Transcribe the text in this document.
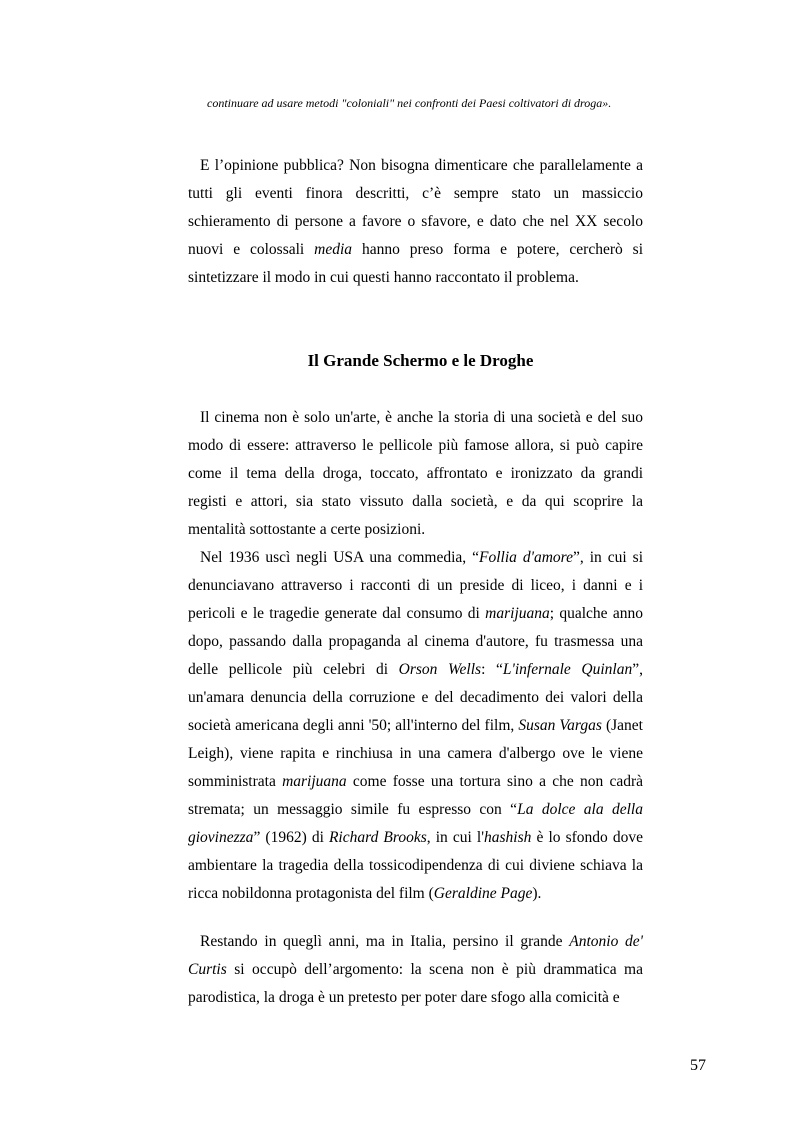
continuare ad usare metodi "coloniali" nei confronti dei Paesi coltivatori di droga».

E l’opinione pubblica? Non bisogna dimenticare che parallelamente a tutti gli eventi finora descritti, c’è sempre stato un massiccio schieramento di persone a favore o sfavore, e dato che nel XX secolo nuovi e colossali media hanno preso forma e potere, cercherò si sintetizzare il modo in cui questi hanno raccontato il problema.

Il Grande Schermo e le Droghe

Il cinema non è solo un'arte, è anche la storia di una società e del suo modo di essere: attraverso le pellicole più famose allora, si può capire come il tema della droga, toccato, affrontato e ironizzato da grandi registi e attori, sia stato vissuto dalla società, e da qui scoprire la mentalità sottostante a certe posizioni.

Nel 1936 uscì negli USA una commedia, “Follia d'amore”, in cui si denunciavano attraverso i racconti di un preside di liceo, i danni e i pericoli e le tragedie generate dal consumo di marijuana; qualche anno dopo, passando dalla propaganda al cinema d'autore, fu trasmessa una delle pellicole più celebri di Orson Wells: “L'infernale Quinlan”, un'amara denuncia della corruzione e del decadimento dei valori della società americana degli anni '50; all'interno del film, Susan Vargas (Janet Leigh), viene rapita e rinchiusa in una camera d'albergo ove le viene somministrata marijuana come fosse una tortura sino a che non cadrà stremata; un messaggio simile fu espresso con “La dolce ala della giovinezza” (1962) di Richard Brooks, in cui l'hashish è lo sfondo dove ambientare la tragedia della tossicodipendenza di cui diviene schiava la ricca nobildonna protagonista del film (Geraldine Page).

Restando in queglì anni, ma in Italia, persino il grande Antonio de' Curtis si occupò dell’argomento: la scena non è più drammatica ma parodistica, la droga è un pretesto per poter dare sfogo alla comicità e

57
